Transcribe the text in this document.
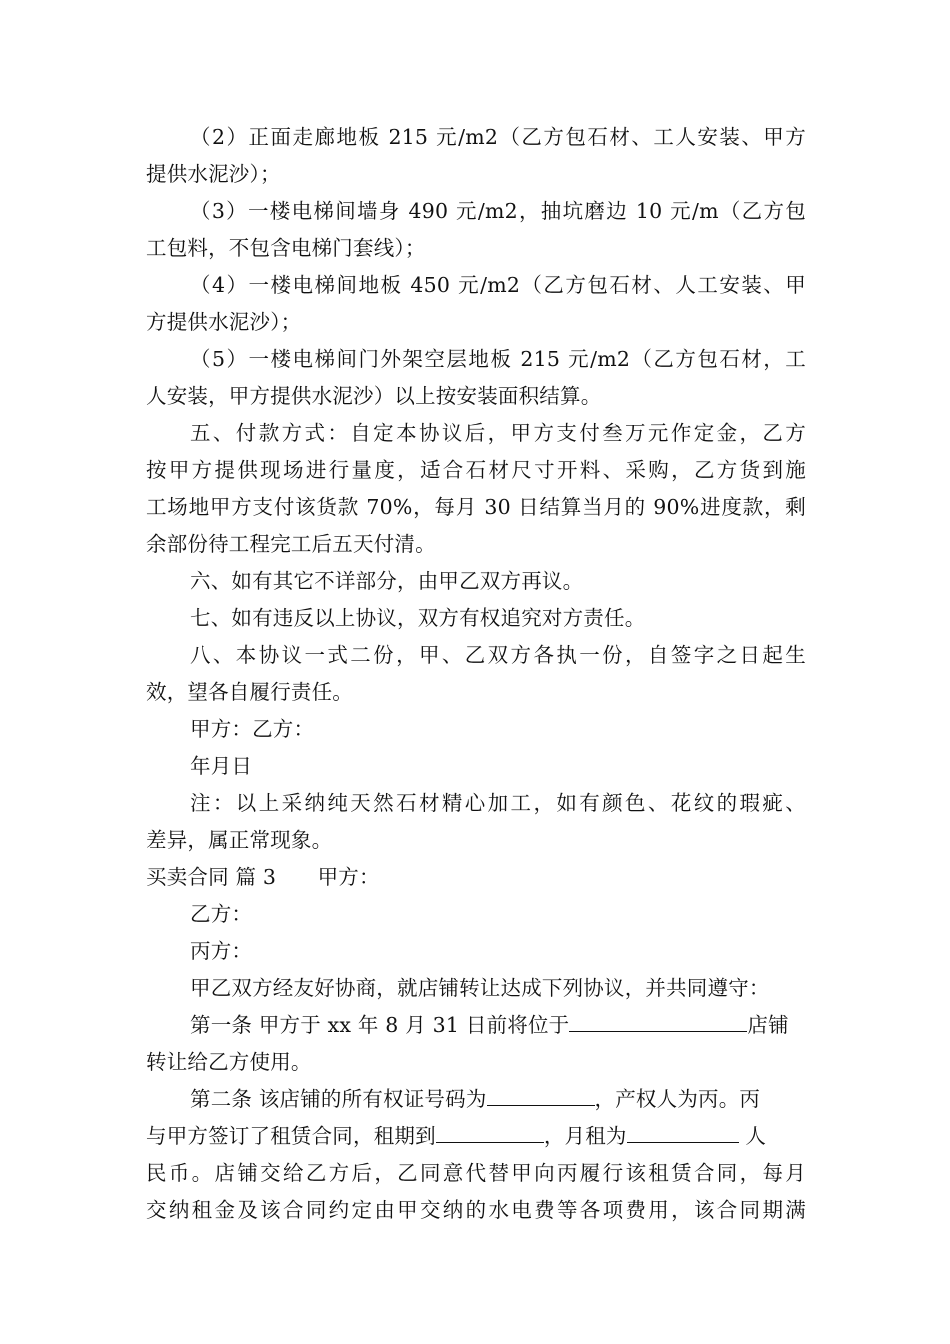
（2）正面走廊地板 215 元/m2（乙方包石材、工人安装、甲方
提供水泥沙）；
（3）一楼电梯间墙身 490 元/m2，抽坑磨边 10 元/m（乙方包
工包料，不包含电梯门套线）；
（4）一楼电梯间地板 450 元/m2（乙方包石材、人工安装、甲
方提供水泥沙）；
（5）一楼电梯间门外架空层地板 215 元/m2（乙方包石材，工
人安装，甲方提供水泥沙）以上按安装面积结算。
五、付款方式：自定本协议后，甲方支付叁万元作定金，乙方
按甲方提供现场进行量度，适合石材尺寸开料、采购，乙方货到施
工场地甲方支付该货款 70%，每月 30 日结算当月的 90%进度款，剩
余部份待工程完工后五天付清。
六、如有其它不详部分，由甲乙双方再议。
七、如有违反以上协议，双方有权追究对方责任。
八、本协议一式二份，甲、乙双方各执一份，自签字之日起生
效，望各自履行责任。
甲方：乙方：
年月日
注：以上采纳纯天然石材精心加工，如有颜色、花纹的瑕疵、
差异，属正常现象。
买卖合同 篇 3　　甲方：
乙方：
丙方：
甲乙双方经友好协商，就店铺转让达成下列协议，并共同遵守：
第一条 甲方于 xx 年 8 月 31 日前将位于	店铺
转让给乙方使用。
第二条 该店铺的所有权证号码为	，产权人为丙。丙
与甲方签订了租赁合同，租期到	，月租为	人
民币。店铺交给乙方后，乙同意代替甲向丙履行该租赁合同，每月
交纳租金及该合同约定由甲交纳的水电费等各项费用，该合同期满
